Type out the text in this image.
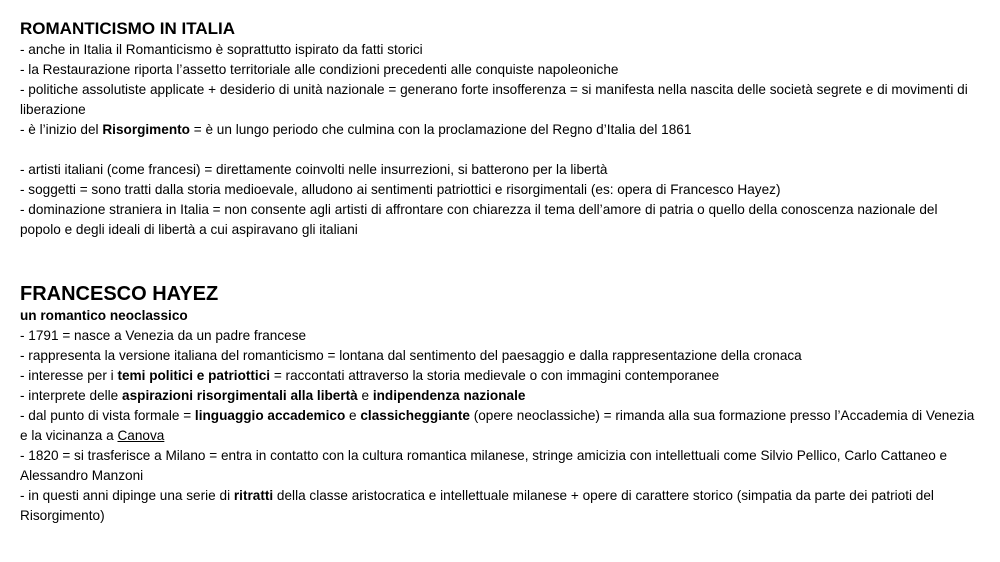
ROMANTICISMO IN ITALIA

- anche in Italia il Romanticismo è soprattutto ispirato da fatti storici

- la Restaurazione riporta l’assetto territoriale alle condizioni precedenti alle conquiste napoleoniche

- politiche assolutiste applicate + desiderio di unità nazionale = generano forte insofferenza = si manifesta nella nascita delle società segrete e di movimenti di liberazione

- è l’inizio del Risorgimento = è un lungo periodo che culmina con la proclamazione del Regno d’Italia del 1861

- artisti italiani (come francesi) = direttamente coinvolti nelle insurrezioni, si batterono per la libertà

- soggetti = sono tratti dalla storia medioevale, alludono ai sentimenti patriottici e risorgimentali (es: opera di Francesco Hayez)

- dominazione straniera in Italia = non consente agli artisti di affrontare con chiarezza il tema dell’amore di patria o quello della conoscenza nazionale del popolo e degli ideali di libertà a cui aspiravano gli italiani

FRANCESCO HAYEZ

un romantico neoclassico

- 1791 = nasce a Venezia da un padre francese

- rappresenta la versione italiana del romanticismo = lontana dal sentimento del paesaggio e dalla rappresentazione della cronaca

- interesse per i temi politici e patriottici = raccontati attraverso la storia medievale o con immagini contemporanee

- interprete delle aspirazioni risorgimentali alla libertà e indipendenza nazionale

- dal punto di vista formale = linguaggio accademico e classicheggiante (opere neoclassiche) = rimanda alla sua formazione presso l’Accademia di Venezia e la vicinanza a Canova

- 1820 = si trasferisce a Milano = entra in contatto con la cultura romantica milanese, stringe amicizia con intellettuali come Silvio Pellico, Carlo Cattaneo e Alessandro Manzoni

- in questi anni dipinge una serie di ritratti della classe aristocratica e intellettuale milanese + opere di carattere storico (simpatia da parte dei patrioti del Risorgimento)
